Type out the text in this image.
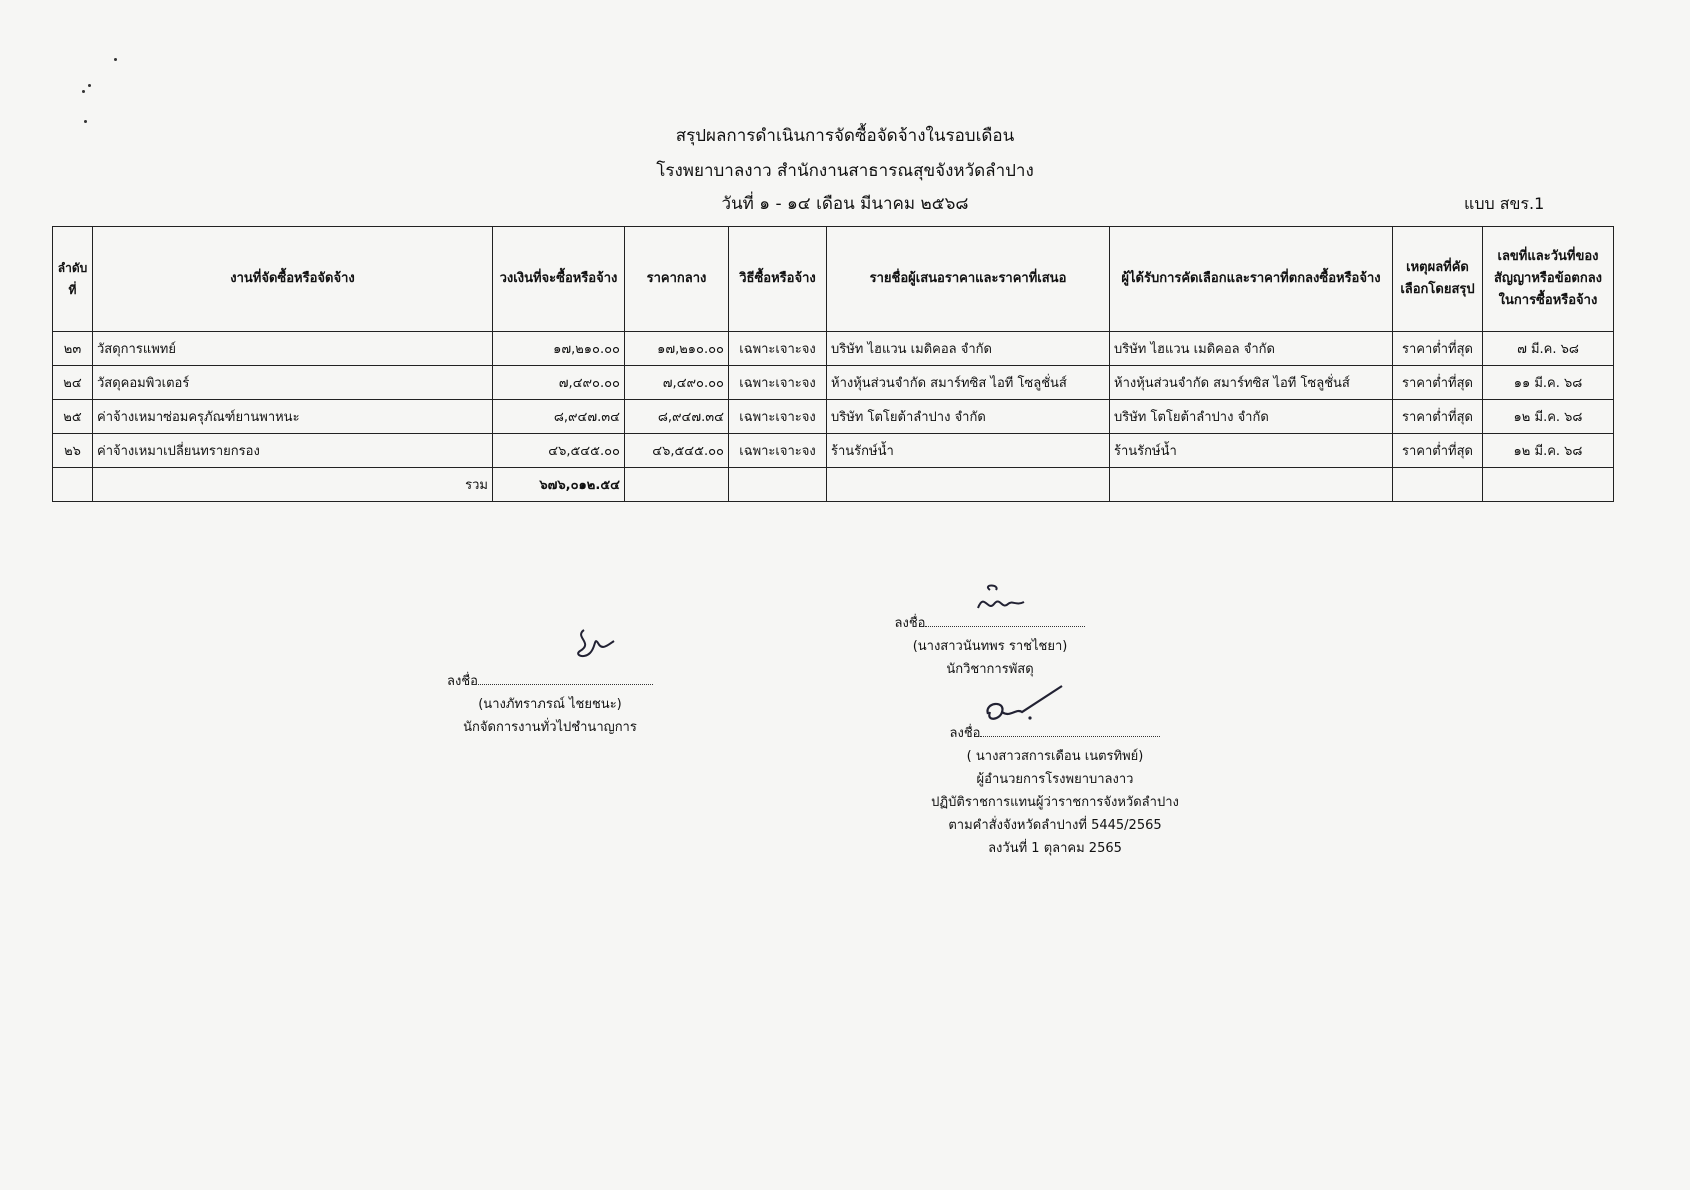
สรุปผลการดำเนินการจัดซื้อจัดจ้างในรอบเดือน
โรงพยาบาลงาว สำนักงานสาธารณสุขจังหวัดลำปาง
วันที่ ๑ - ๑๔ เดือน มีนาคม ๒๕๖๘	แบบ สขร.1
ลำดับที่	งานที่จัดซื้อหรือจัดจ้าง	วงเงินที่จะซื้อหรือจ้าง	ราคากลาง	วิธีซื้อหรือจ้าง	รายชื่อผู้เสนอราคาและราคาที่เสนอ	ผู้ได้รับการคัดเลือกและราคาที่ตกลงซื้อหรือจ้าง	เหตุผลที่คัดเลือกโดยสรุป	เลขที่และวันที่ของสัญญาหรือข้อตกลงในการซื้อหรือจ้าง
๒๓	วัสดุการแพทย์	๑๗,๒๑๐.๐๐	๑๗,๒๑๐.๐๐	เฉพาะเจาะจง	บริษัท ไฮแวน เมดิคอล จำกัด	บริษัท ไฮแวน เมดิคอล จำกัด	ราคาต่ำที่สุด	๗ มี.ค. ๖๘
๒๔	วัสดุคอมพิวเตอร์	๗,๔๙๐.๐๐	๗,๔๙๐.๐๐	เฉพาะเจาะจง	ห้างหุ้นส่วนจำกัด สมาร์ทซิส ไอที โซลูชั่นส์	ห้างหุ้นส่วนจำกัด สมาร์ทซิส ไอที โซลูชั่นส์	ราคาต่ำที่สุด	๑๑ มี.ค. ๖๘
๒๕	ค่าจ้างเหมาซ่อมครุภัณฑ์ยานพาหนะ	๘,๙๔๗.๓๔	๘,๙๔๗.๓๔	เฉพาะเจาะจง	บริษัท โตโยต้าลำปาง จำกัด	บริษัท โตโยต้าลำปาง จำกัด	ราคาต่ำที่สุด	๑๒ มี.ค. ๖๘
๒๖	ค่าจ้างเหมาเปลี่ยนทรายกรอง	๔๖,๕๔๕.๐๐	๔๖,๕๔๕.๐๐	เฉพาะเจาะจง	ร้านรักษ์น้ำ	ร้านรักษ์น้ำ	ราคาต่ำที่สุด	๑๒ มี.ค. ๖๘
	รวม	๖๗๖,๐๑๒.๕๔						
ลงชื่อ
(นางภัทราภรณ์ ไชยชนะ)
นักจัดการงานทั่วไปชำนาญการ
ลงชื่อ
(นางสาวนันทพร ราชไชยา)
นักวิชาการพัสดุ
ลงชื่อ
( นางสาวสการเดือน เนตรทิพย์)
ผู้อำนวยการโรงพยาบาลงาว
ปฏิบัติราชการแทนผู้ว่าราชการจังหวัดลำปาง
ตามคำสั่งจังหวัดลำปางที่ 5445/2565
ลงวันที่ 1 ตุลาคม 2565
